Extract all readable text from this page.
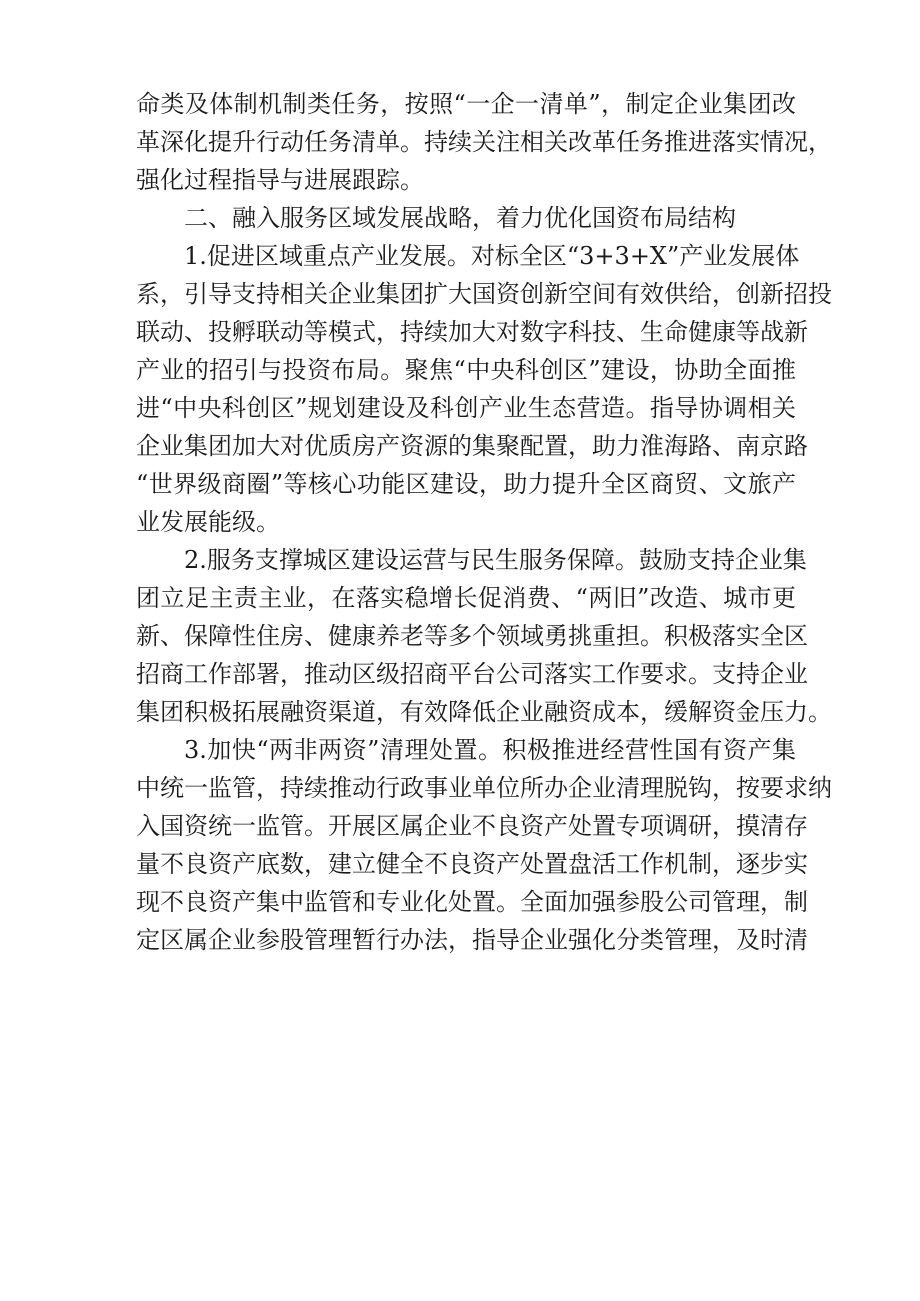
命类及体制机制类任务，按照“一企一清单”，制定企业集团改
革深化提升行动任务清单。持续关注相关改革任务推进落实情况，
强化过程指导与进展跟踪。
二、融入服务区域发展战略，着力优化国资布局结构
1.促进区域重点产业发展。对标全区“3+3+X”产业发展体
系，引导支持相关企业集团扩大国资创新空间有效供给，创新招投
联动、投孵联动等模式，持续加大对数字科技、生命健康等战新
产业的招引与投资布局。聚焦“中央科创区”建设，协助全面推
进“中央科创区”规划建设及科创产业生态营造。指导协调相关
企业集团加大对优质房产资源的集聚配置，助力淮海路、南京路
“世界级商圈”等核心功能区建设，助力提升全区商贸、文旅产
业发展能级。
2.服务支撑城区建设运营与民生服务保障。鼓励支持企业集
团立足主责主业，在落实稳增长促消费、“两旧”改造、城市更
新、保障性住房、健康养老等多个领域勇挑重担。积极落实全区
招商工作部署，推动区级招商平台公司落实工作要求。支持企业
集团积极拓展融资渠道，有效降低企业融资成本，缓解资金压力。
3.加快“两非两资”清理处置。积极推进经营性国有资产集
中统一监管，持续推动行政事业单位所办企业清理脱钩，按要求纳
入国资统一监管。开展区属企业不良资产处置专项调研，摸清存
量不良资产底数，建立健全不良资产处置盘活工作机制，逐步实
现不良资产集中监管和专业化处置。全面加强参股公司管理，制
定区属企业参股管理暂行办法，指导企业强化分类管理，及时清
